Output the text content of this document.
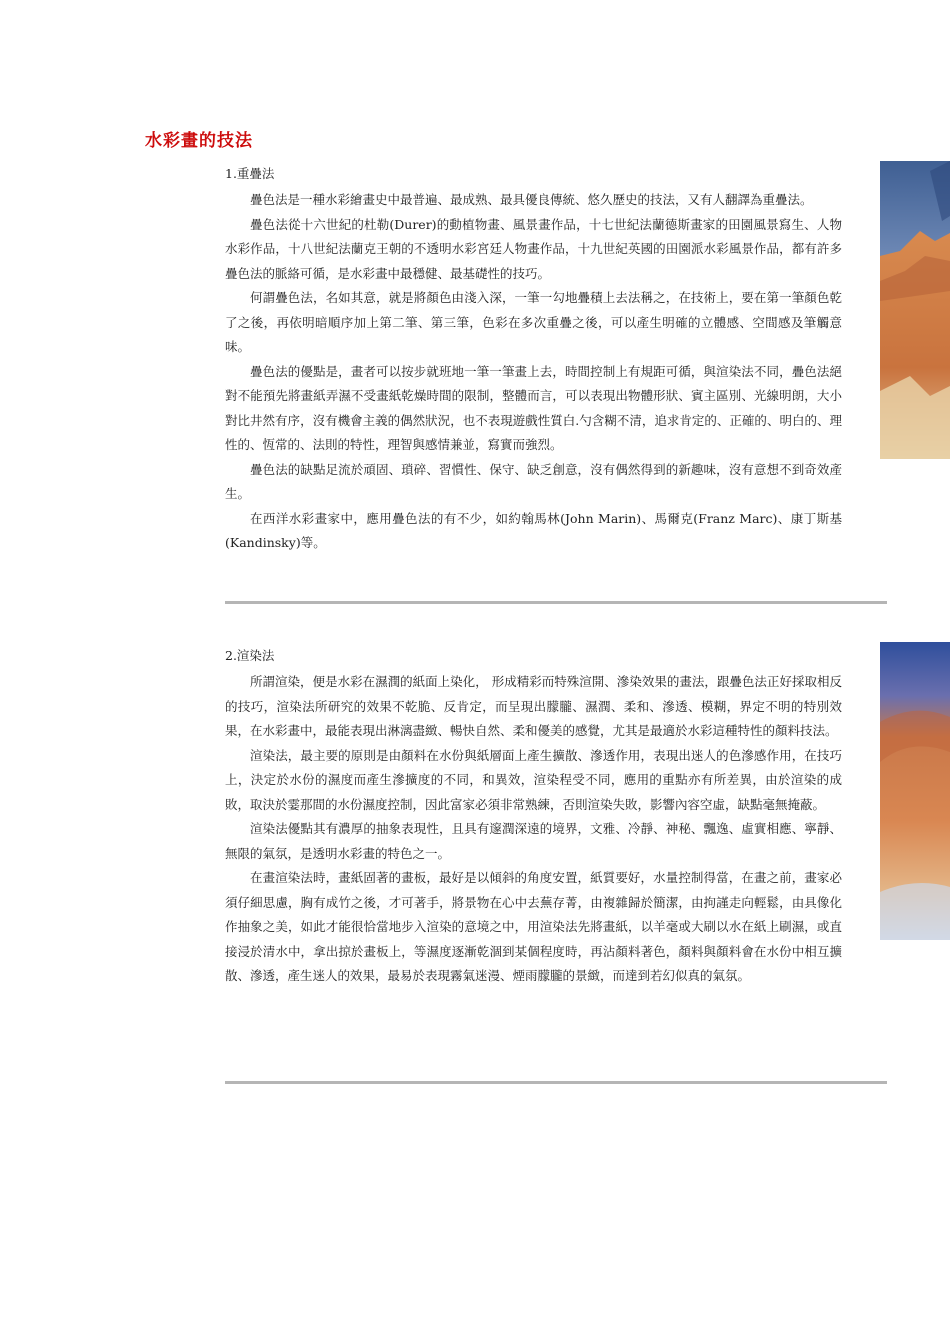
水彩畫的技法
1.重疊法

疊色法是一種水彩繪畫史中最普遍、最成熟、最具優良傳統、悠久歷史的技法，又有人翻譯為重疊法。

疊色法從十六世紀的杜勒(Durer)的動植物畫、風景畫作品，十七世紀法蘭德斯畫家的田園風景寫生、人物水彩作品，十八世紀法蘭克王朝的不透明水彩宮廷人物畫作品，十九世紀英國的田園派水彩風景作品，都有許多疊色法的脈絡可循，是水彩畫中最穩健、最基礎性的技巧。

何謂疊色法，名如其意，就是將顏色由淺入深，一筆一勾地疊積上去法稱之，在技術上，要在第一筆顏色乾了之後，再依明暗順序加上第二筆、第三筆，色彩在多次重疊之後，可以產生明確的立體感、空間感及筆觸意味。

疊色法的優點是，畫者可以按步就班地一筆一筆畫上去，時間控制上有規距可循，與渲染法不同，疊色法絕對不能預先將畫紙弄濕不受畫紙乾燥時間的限制，整體而言，可以表現出物體形狀、賓主區別、光線明朗，大小對比井然有序，沒有機會主義的偶然狀況，也不表現遊戲性質白.勺含糊不清，追求肯定的、正確的、明白的、理性的、恆常的、法則的特性，理智與感情兼並，寫實而強烈。

疊色法的缺點足流於頑固、瑣碎、習慣性、保守、缺乏創意，沒有偶然得到的新趣味，沒有意想不到奇效產生。

在西洋水彩畫家中，應用疊色法的有不少，如約翰馬林(John Marin)、馬爾克(Franz Marc)、康丁斯基(Kandinsky)等。

2.渲染法

所謂渲染，便是水彩在濕潤的紙面上染化， 形成精彩而特殊渲開、滲染效果的畫法，跟疊色法正好採取相反的技巧，渲染法所研究的效果不乾脆、反肯定，而呈現出朦朧、濕潤、柔和、滲透、模糊，界定不明的特別效果，在水彩畫中，最能表現出淋漓盡緻、暢快自然、柔和優美的感覺，尤其是最適於水彩這種特性的顏料技法。

渲染法，最主要的原則是由顏料在水份與紙層面上產生擴散、滲透作用，表現出迷人的色滲感作用，在技巧上，決定於水份的濕度而產生滲擴度的不同，和異效，渲染程受不同，應用的重點亦有所差異，由於渲染的成敗，取決於霎那間的水份濕度控制，因此富家必須非常熟練，否則渲染失敗，影響內容空虛，缺點毫無掩蔽。

渲染法優點其有濃厚的抽象表現性，且具有邃潤深遠的境界，文雅、冷靜、神秘、飄逸、虛實相應、寧靜、無限的氣氛，是透明水彩畫的特色之一。

在畫渲染法時，畫紙固著的畫板，最好是以傾斜的角度安置，紙質要好，水量控制得當，在畫之前，畫家必須仔細思慮，胸有成竹之後，才可著手，將景物在心中去蕪存菁，由複雜歸於簡潔，由拘謹走向輕鬆，由具像化作抽象之美，如此才能很恰當地步入渲染的意境之中，用渲染法先將畫紙，以羊毫或大刷以水在紙上刷濕，或直接浸於清水中，拿出掠於畫板上，等濕度逐漸乾涸到某個程度時，再沾顏料著色，顏料與顏料會在水份中相互擴散、滲透，產生迷人的效果，最易於表現霧氣迷漫、煙雨朦朧的景緻，而達到若幻似真的氣氛。
